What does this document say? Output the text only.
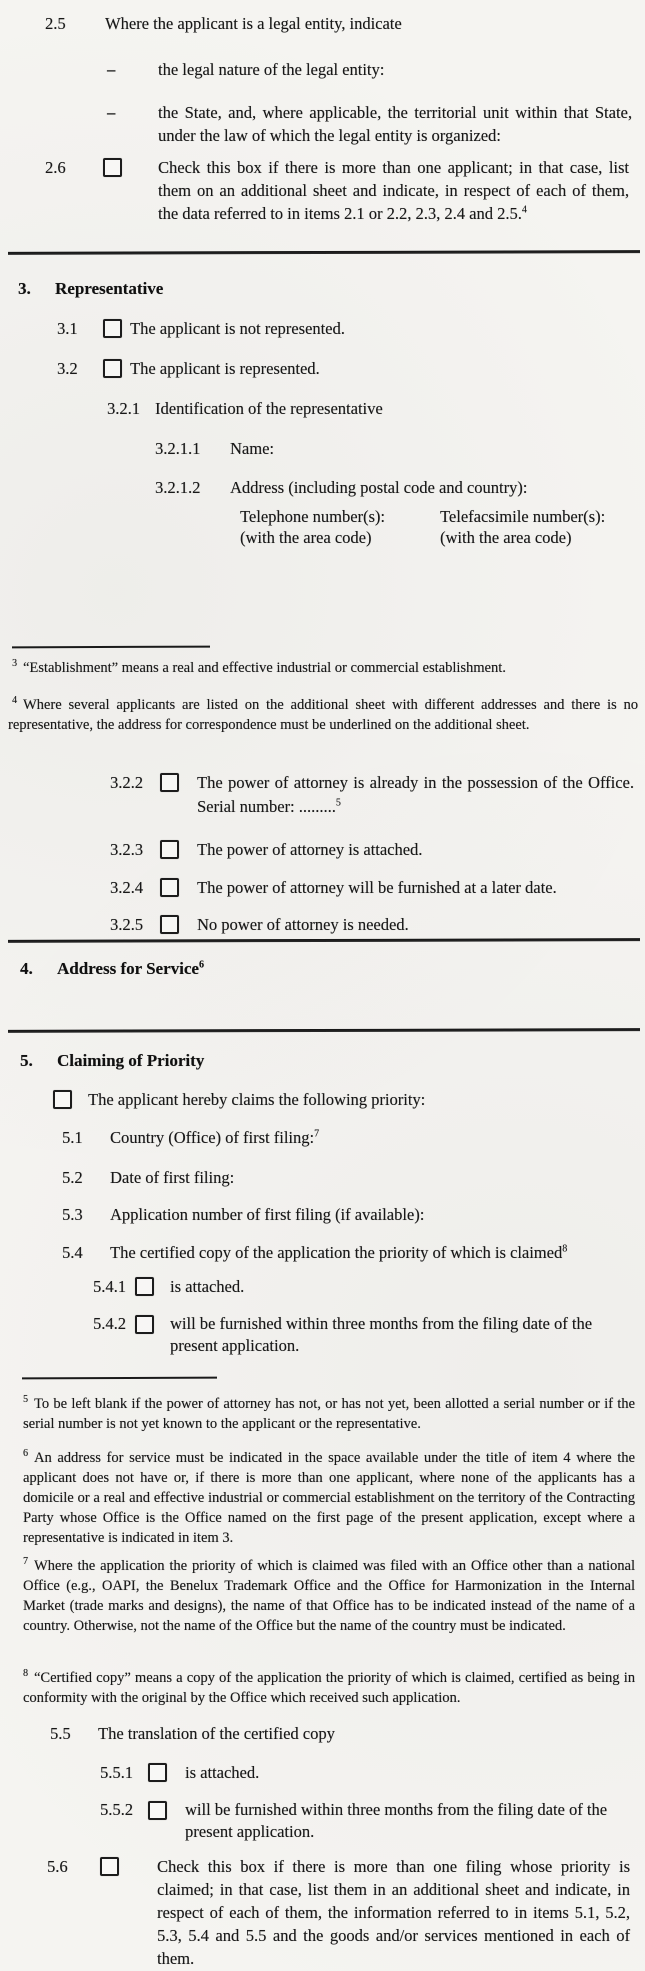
2.5 Where the applicant is a legal entity, indicate
–	the legal nature of the legal entity:
–	the State, and, where applicable, the territorial unit within that State, under the law of which the legal entity is organized:
2.6	Check this box if there is more than one applicant; in that case, list them on an additional sheet and indicate, in respect of each of them, the data referred to in items 2.1 or 2.2, 2.3, 2.4 and 2.5.$^4$
3. Representative
3.1	The applicant is not represented.
3.2	The applicant is represented.
3.2.1 Identification of the representative
3.2.1.1 Name:
3.2.1.2 Address (including postal code and country):
Telephone number(s):
(with the area code)
Telefacsimile number(s):
(with the area code)
$^3$ “Establishment” means a real and effective industrial or commercial establishment.
$^4$ Where several applicants are listed on the additional sheet with different addresses and there is no representative, the address for correspondence must be underlined on the additional sheet.
3.2.2	The power of attorney is already in the possession of the Office. Serial number: .........$^5$
3.2.3	The power of attorney is attached.
3.2.4	The power of attorney will be furnished at a later date.
3.2.5	No power of attorney is needed.
4. Address for Service$^6$
5. Claiming of Priority
The applicant hereby claims the following priority:
5.1 Country (Office) of first filing:$^7$
5.2 Date of first filing:
5.3 Application number of first filing (if available):
5.4 The certified copy of the application the priority of which is claimed$^8$
5.4.1	is attached.
5.4.2	will be furnished within three months from the filing date of the present application.
$^5$ To be left blank if the power of attorney has not, or has not yet, been allotted a serial number or if the serial number is not yet known to the applicant or the representative.
$^6$ An address for service must be indicated in the space available under the title of item 4 where the applicant does not have or, if there is more than one applicant, where none of the applicants has a domicile or a real and effective industrial or commercial establishment on the territory of the Contracting Party whose Office is the Office named on the first page of the present application, except where a representative is indicated in item 3.
$^7$ Where the application the priority of which is claimed was filed with an Office other than a national Office (e.g., OAPI, the Benelux Trademark Office and the Office for Harmonization in the Internal Market (trade marks and designs), the name of that Office has to be indicated instead of the name of a country. Otherwise, not the name of the Office but the name of the country must be indicated.
$^8$ “Certified copy” means a copy of the application the priority of which is claimed, certified as being in conformity with the original by the Office which received such application.
5.5 The translation of the certified copy
5.5.1	is attached.
5.5.2	will be furnished within three months from the filing date of the present application.
5.6	Check this box if there is more than one filing whose priority is claimed; in that case, list them in an additional sheet and indicate, in respect of each of them, the information referred to in items 5.1, 5.2, 5.3, 5.4 and 5.5 and the goods and/or services mentioned in each of them.
